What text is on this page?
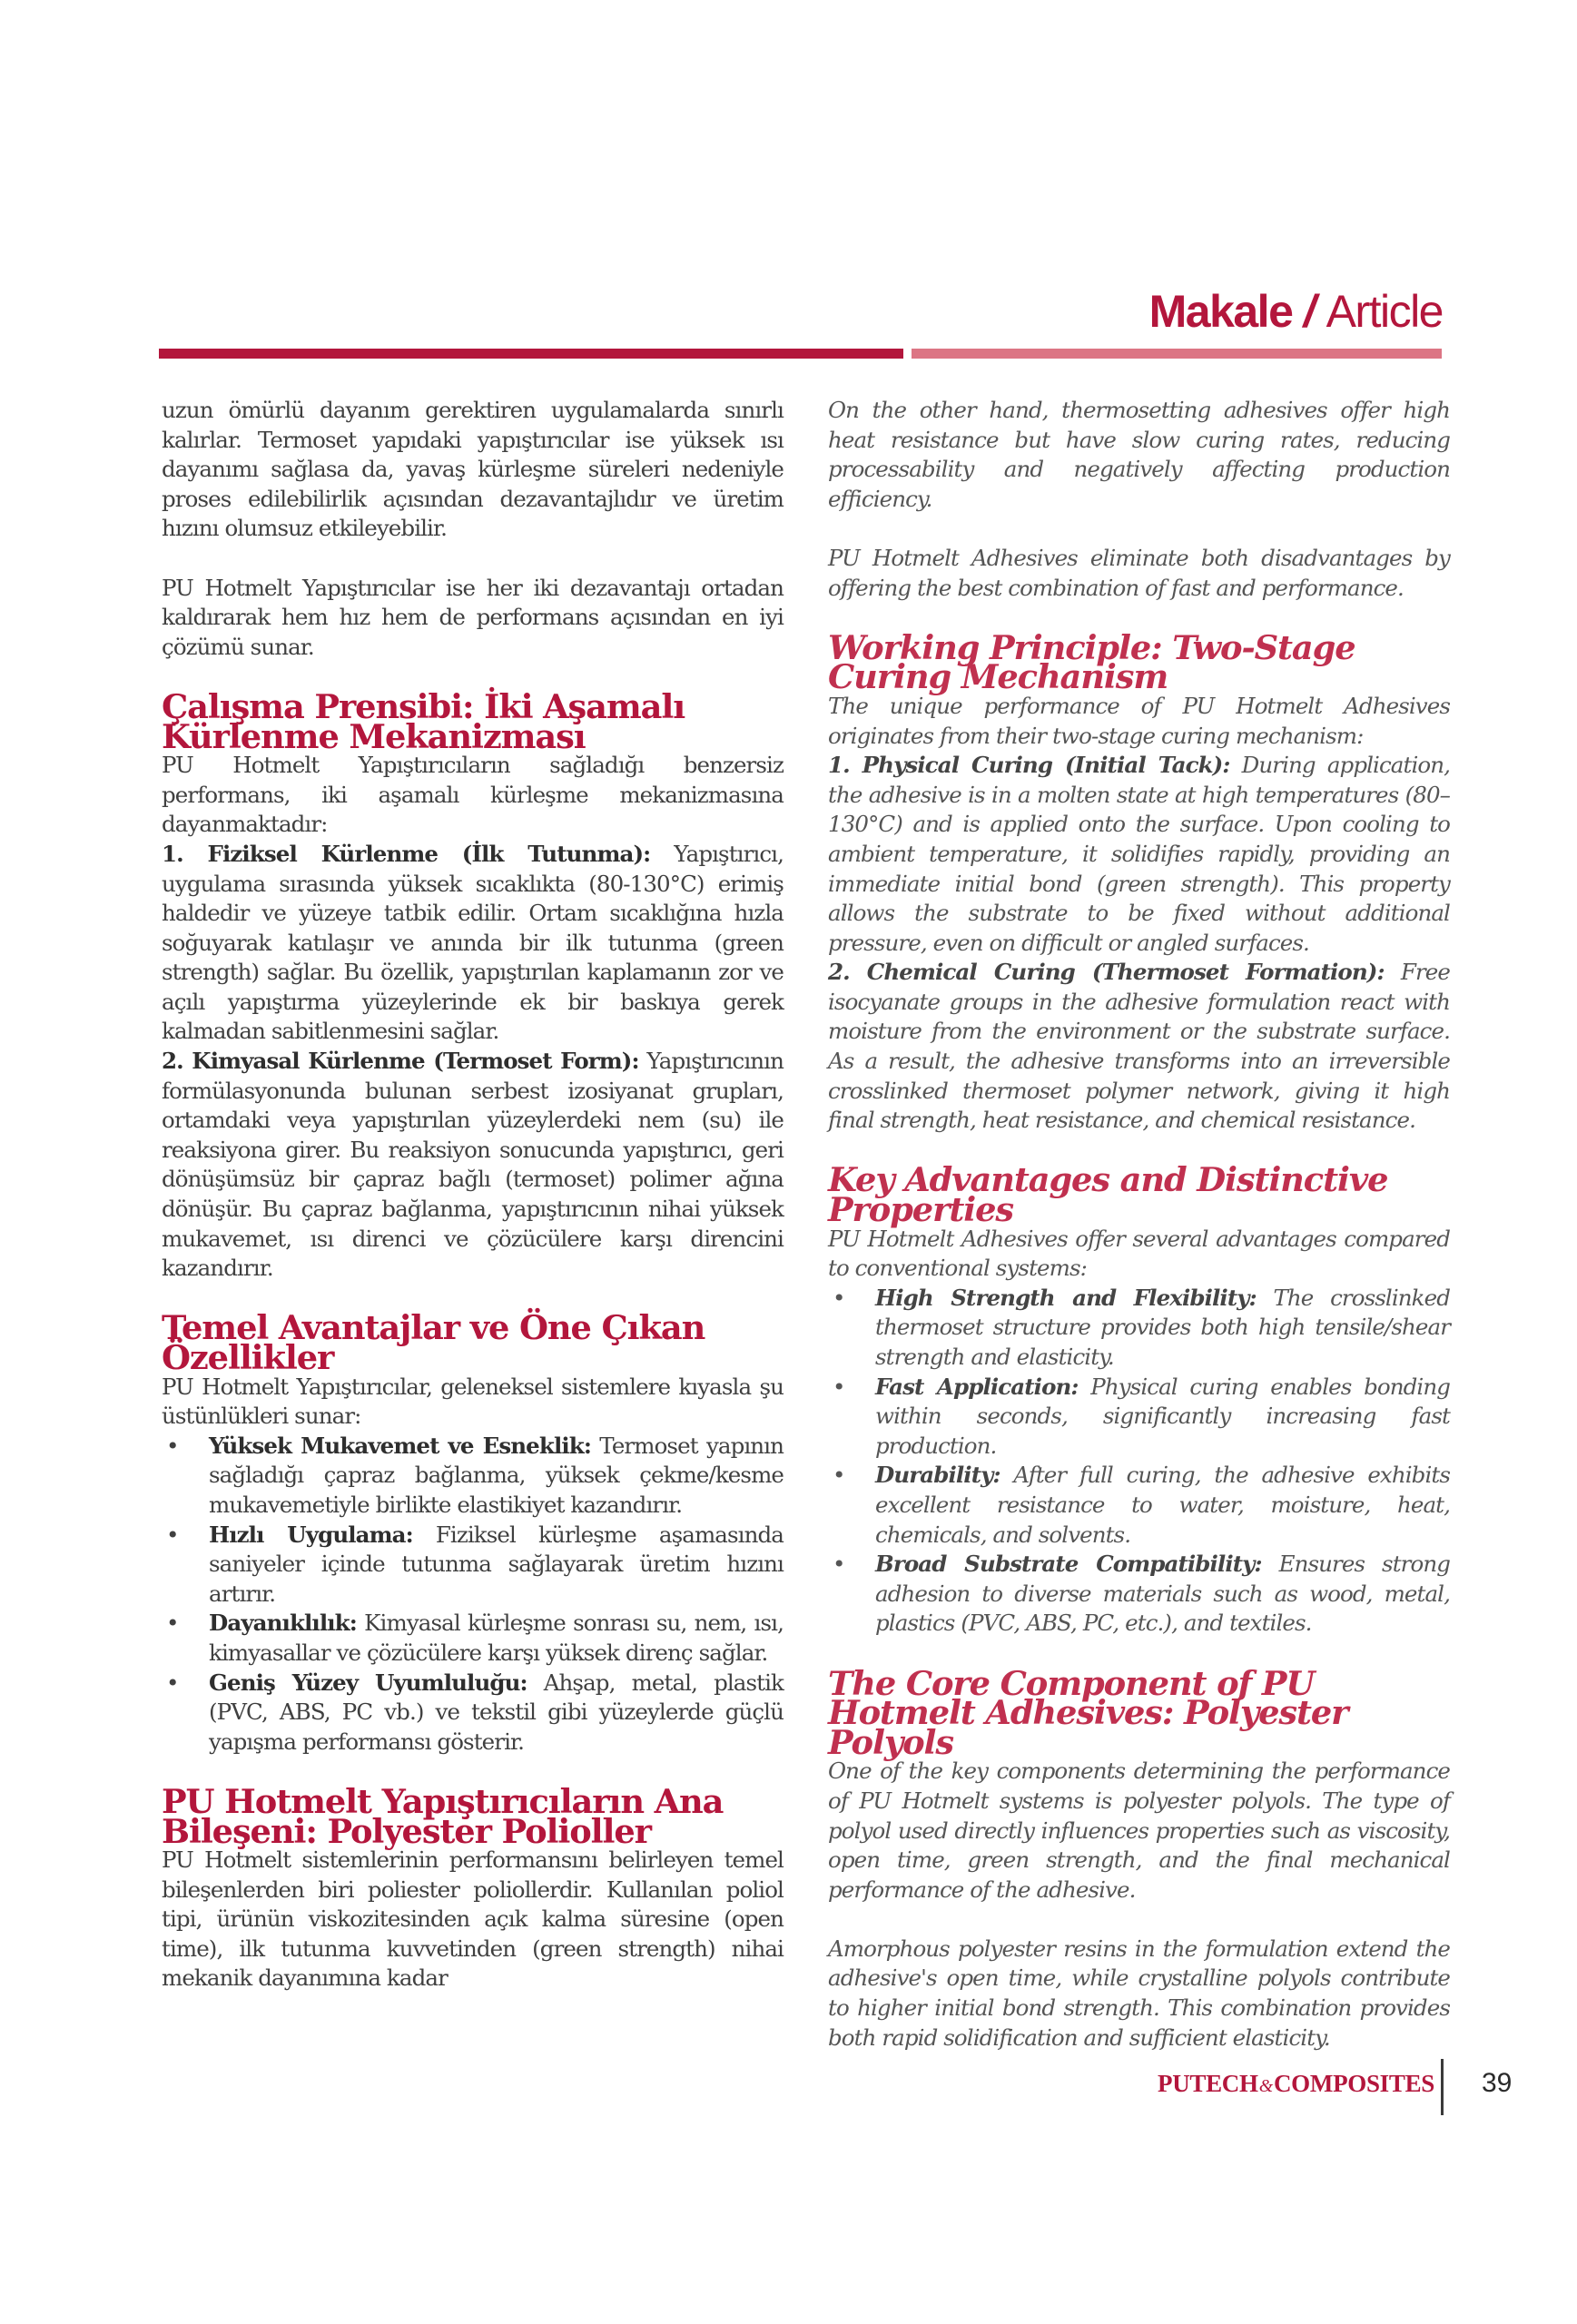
Makale / Article

uzun ömürlü dayanım gerektiren uygulamalarda sınırlı kalırlar. Termoset yapıdaki yapıştırıcılar ise yüksek ısı dayanımı sağlasa da, yavaş kürleşme süreleri nedeniyle proses edilebilirlik açısından dezavantajlıdır ve üretim hızını olumsuz etkileyebilir.

PU Hotmelt Yapıştırıcılar ise her iki dezavantajı ortadan kaldırarak hem hız hem de performans açısından en iyi çözümü sunar.

Çalışma Prensibi: İki Aşamalı Kürlenme Mekanizması

PU Hotmelt Yapıştırıcıların sağladığı benzersiz performans, iki aşamalı kürleşme mekanizmasına dayanmaktadır:

1. Fiziksel Kürlenme (İlk Tutunma): Yapıştırıcı, uygulama sırasında yüksek sıcaklıkta (80-130°C) erimiş haldedir ve yüzeye tatbik edilir. Ortam sıcaklığına hızla soğuyarak katılaşır ve anında bir ilk tutunma (green strength) sağlar. Bu özellik, yapıştırılan kaplamanın zor ve açılı yapıştırma yüzeylerinde ek bir baskıya gerek kalmadan sabitlenmesini sağlar.

2. Kimyasal Kürlenme (Termoset Form): Yapıştırıcının formülasyonunda bulunan serbest izosiyanat grupları, ortamdaki veya yapıştırılan yüzeylerdeki nem (su) ile reaksiyona girer. Bu reaksiyon sonucunda yapıştırıcı, geri dönüşümsüz bir çapraz bağlı (termoset) polimer ağına dönüşür. Bu çapraz bağlanma, yapıştırıcının nihai yüksek mukavemet, ısı direnci ve çözücülere karşı direncini kazandırır.

Temel Avantajlar ve Öne Çıkan Özellikler

PU Hotmelt Yapıştırıcılar, geleneksel sistemlere kıyasla şu üstünlükleri sunar:

• Yüksek Mukavemet ve Esneklik: Termoset yapının sağladığı çapraz bağlanma, yüksek çekme/kesme mukavemetiyle birlikte elastikiyet kazandırır.
• Hızlı Uygulama: Fiziksel kürleşme aşamasında saniyeler içinde tutunma sağlayarak üretim hızını artırır.
• Dayanıklılık: Kimyasal kürleşme sonrası su, nem, ısı, kimyasallar ve çözücülere karşı yüksek direnç sağlar.
• Geniş Yüzey Uyumluluğu: Ahşap, metal, plastik (PVC, ABS, PC vb.) ve tekstil gibi yüzeylerde güçlü yapışma performansı gösterir.
PU Hotmelt Yapıştırıcıların Ana Bileşeni: Polyester Polioller

PU Hotmelt sistemlerinin performansını belirleyen temel bileşenlerden biri poliester poliollerdir. Kullanılan poliol tipi, ürünün viskozitesinden açık kalma süresine (open time), ilk tutunma kuvvetinden (green strength) nihai mekanik dayanımına kadar

On the other hand, thermosetting adhesives offer high heat resistance but have slow curing rates, reducing processability and negatively affecting production efficiency.

PU Hotmelt Adhesives eliminate both disadvantages by offering the best combination of fast and performance.

Working Principle: Two-Stage Curing Mechanism

The unique performance of PU Hotmelt Adhesives originates from their two-stage curing mechanism:

1. Physical Curing (Initial Tack): During application, the adhesive is in a molten state at high temperatures (80–130°C) and is applied onto the surface. Upon cooling to ambient temperature, it solidifies rapidly, providing an immediate initial bond (green strength). This property allows the substrate to be fixed without additional pressure, even on difficult or angled surfaces.

2. Chemical Curing (Thermoset Formation): Free isocyanate groups in the adhesive formulation react with moisture from the environment or the substrate surface. As a result, the adhesive transforms into an irreversible crosslinked thermoset polymer network, giving it high final strength, heat resistance, and chemical resistance.

Key Advantages and Distinctive Properties

PU Hotmelt Adhesives offer several advantages compared to conventional systems:

• High Strength and Flexibility: The crosslinked thermoset structure provides both high tensile/shear strength and elasticity.
• Fast Application: Physical curing enables bonding within seconds, significantly increasing fast production.
• Durability: After full curing, the adhesive exhibits excellent resistance to water, moisture, heat, chemicals, and solvents.
• Broad Substrate Compatibility: Ensures strong adhesion to diverse materials such as wood, metal, plastics (PVC, ABS, PC, etc.), and textiles.
The Core Component of PU Hotmelt Adhesives: Polyester Polyols

One of the key components determining the performance of PU Hotmelt systems is polyester polyols. The type of polyol used directly influences properties such as viscosity, open time, green strength, and the final mechanical performance of the adhesive.

Amorphous polyester resins in the formulation extend the adhesive's open time, while crystalline polyols contribute to higher initial bond strength. This combination provides both rapid solidification and sufficient elasticity.

PUTECH&COMPOSITES 39
